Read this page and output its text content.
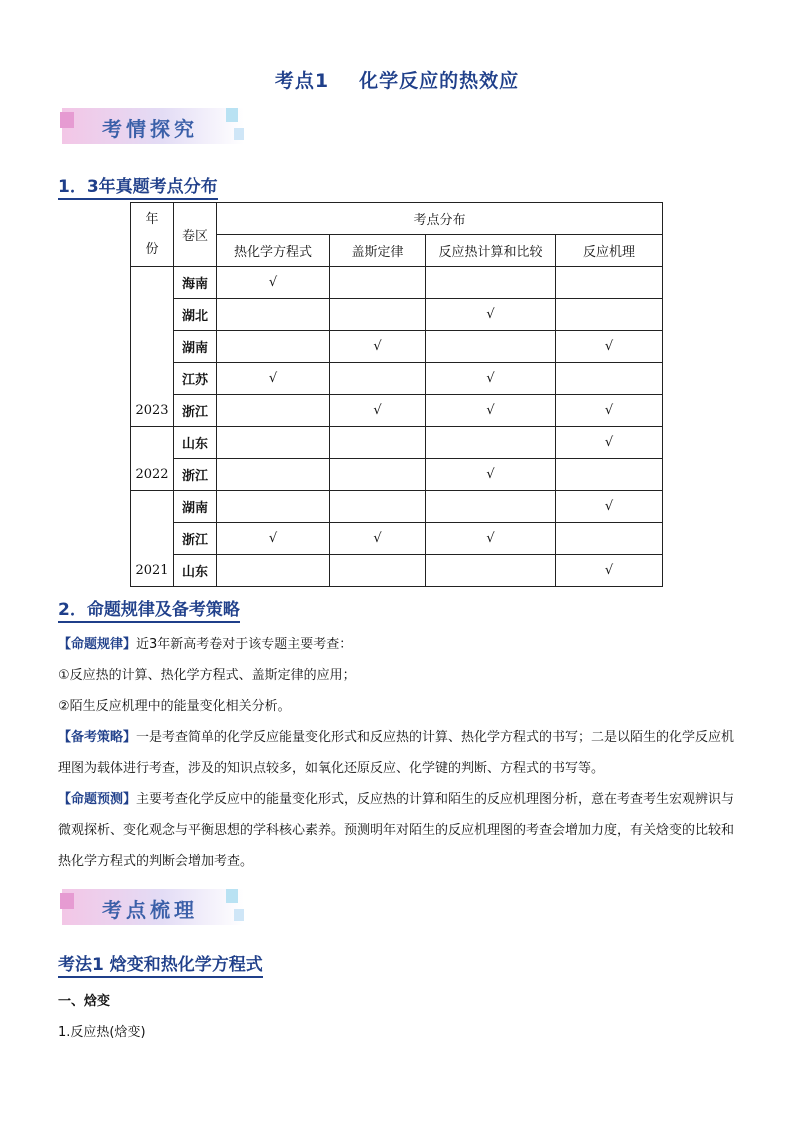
考点1 化学反应的热效应
考情探究
1．3年真题考点分布
年
份	卷区	考点分布			
		热化学方程式	盖斯定律	反应热计算和比较	反应机理
2023	海南	√			
	湖北			√	
	湖南		√		√
	江苏	√		√	
	浙江		√	√	√
2022	山东				√
	浙江			√	
2021	湖南				√
	浙江	√	√	√	
	山东				√
2．命题规律及备考策略
【命题规律】近3年新高考卷对于该专题主要考查：
①反应热的计算、热化学方程式、盖斯定律的应用；
②陌生反应机理中的能量变化相关分析。
【备考策略】一是考查简单的化学反应能量变化形式和反应热的计算、热化学方程式的书写；二是以陌生的化学反应机理图为载体进行考查，涉及的知识点较多，如氧化还原反应、化学键的判断、方程式的书写等。
【命题预测】主要考查化学反应中的能量变化形式，反应热的计算和陌生的反应机理图分析，意在考查考生宏观辨识与微观探析、变化观念与平衡思想的学科核心素养。预测明年对陌生的反应机理图的考查会增加力度，有关焓变的比较和热化学方程式的判断会增加考查。
考点梳理
考法1 焓变和热化学方程式
一、焓变
1.反应热(焓变)
